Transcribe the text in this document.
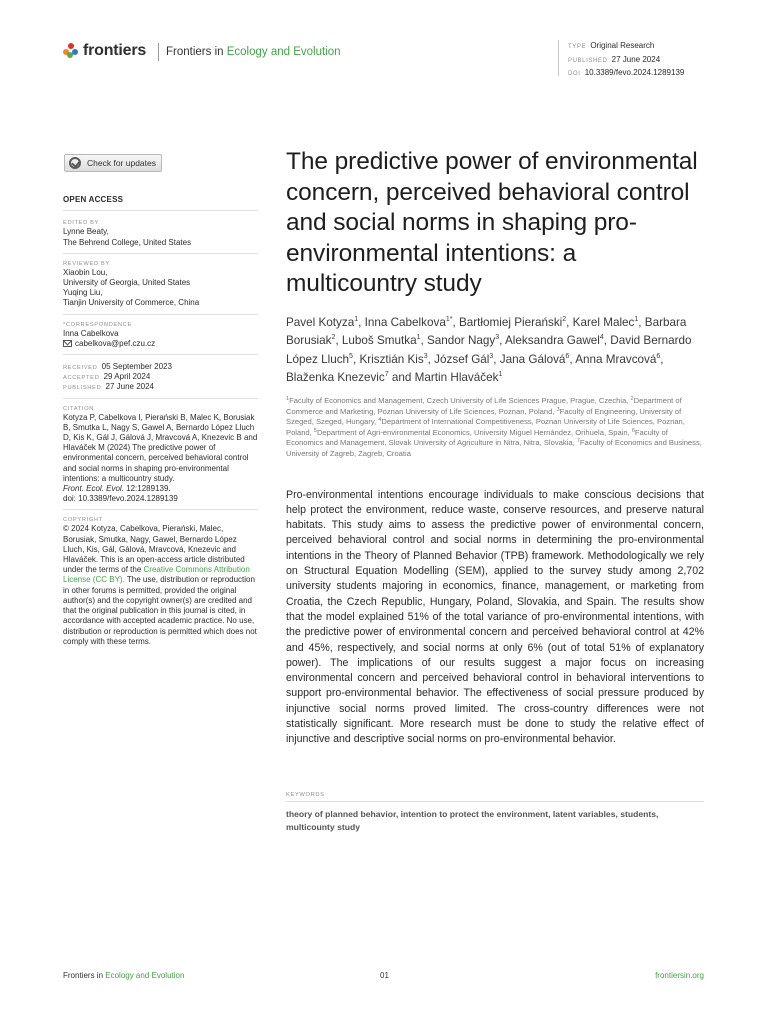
frontiers Frontiers in Ecology and Evolution	TYPE Original Research
PUBLISHED 27 June 2024
DOI 10.3389/fevo.2024.1289139
Check for updates
OPEN ACCESS
EDITED BY
Lynne Beaty,
The Behrend College, United States
REVIEWED BY
Xiaobin Lou,
University of Georgia, United States
Yuqing Liu,
Tianjin University of Commerce, China
*CORRESPONDENCE
Inna Cabelkova
cabelkova@pef.czu.cz
RECEIVED 05 September 2023
ACCEPTED 29 April 2024
PUBLISHED 27 June 2024
CITATION

Kotyza P, Cabelkova I, Pierański B, Malec K, Borusiak B, Smutka L, Nagy S, Gawel A, Bernardo López Lluch D, Kis K, Gál J, Gálová J, Mravcová A, Knezevic B and Hlaváček M (2024) The predictive power of environmental concern, perceived behavioral control and social norms in shaping pro-environmental intentions: a multicountry study.

Front. Ecol. Evol. 12:1289139.

doi: 10.3389/fevo.2024.1289139

COPYRIGHT

© 2024 Kotyza, Cabelkova, Pierański, Malec, Borusiak, Smutka, Nagy, Gawel, Bernardo López Lluch, Kis, Gál, Gálová, Mravcová, Knezevic and Hlaváček. This is an open-access article distributed under the terms of the Creative Commons Attribution License (CC BY). The use, distribution or reproduction in other forums is permitted, provided the original author(s) and the copyright owner(s) are credited and that the original publication in this journal is cited, in accordance with accepted academic practice. No use, distribution or reproduction is permitted which does not comply with these terms.

The predictive power of environmental concern, perceived behavioral control and social norms in shaping pro-environmental intentions: a multicountry study
Pavel Kotyza$^1$, Inna Cabelkova$^{1*}$, Bartłomiej Pierański$^2$, Karel Malec$^1$, Barbara Borusiak$^2$, Luboš Smutka$^1$, Sandor Nagy$^3$, Aleksandra Gawel$^4$, David Bernardo López Lluch$^5$, Krisztián Kis$^3$, József Gál$^3$, Jana Gálová$^6$, Anna Mravcová$^6$, Blaženka Knezevic$^7$ and Martin Hlaváček$^1$
$^1$Faculty of Economics and Management, Czech University of Life Sciences Prague, Prague, Czechia, $^2$Department of Commerce and Marketing, Poznan University of Life Sciences, Poznan, Poland, $^3$Faculty of Engineering, University of Szeged, Szeged, Hungary, $^4$Department of International Competitiveness, Poznan University of Life Sciences, Poznan, Poland, $^5$Department of Agri-environmental Economics, University Miguel Hernández, Orihuela, Spain, $^6$Faculty of Economics and Management, Slovak University of Agriculture in Nitra, Nitra, Slovakia, $^7$Faculty of Economics and Business, University of Zagreb, Zagreb, Croatia
Pro-environmental intentions encourage individuals to make conscious decisions that help protect the environment, reduce waste, conserve resources, and preserve natural habitats. This study aims to assess the predictive power of environmental concern, perceived behavioral control and social norms in determining the pro-environmental intentions in the Theory of Planned Behavior (TPB) framework. Methodologically we rely on Structural Equation Modelling (SEM), applied to the survey study among 2,702 university students majoring in economics, finance, management, or marketing from Croatia, the Czech Republic, Hungary, Poland, Slovakia, and Spain. The results show that the model explained 51% of the total variance of pro-environmental intentions, with the predictive power of environmental concern and perceived behavioral control at 42% and 45%, respectively, and social norms at only 6% (out of total 51% of explanatory power). The implications of our results suggest a major focus on increasing environmental concern and perceived behavioral control in behavioral interventions to support pro-environmental behavior. The effectiveness of social pressure produced by injunctive social norms proved limited. The cross-country differences were not statistically significant. More research must be done to study the relative effect of injunctive and descriptive social norms on pro-environmental behavior.
KEYWORDS
theory of planned behavior, intention to protect the environment, latent variables, students, multicounty study
Frontiers in Ecology and Evolution	01	frontiersin.org
